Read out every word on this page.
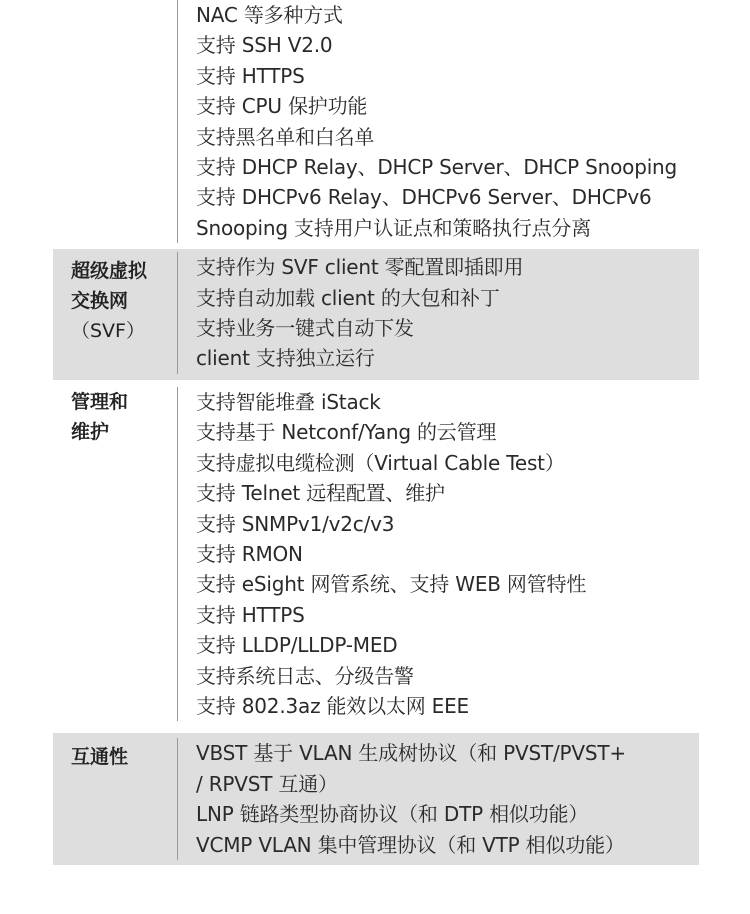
NAC 等多种方式
支持 SSH V2.0
支持 HTTPS
支持 CPU 保护功能
支持黑名单和白名单
支持 DHCP Relay、DHCP Server、DHCP Snooping
支持 DHCPv6 Relay、DHCPv6 Server、DHCPv6
Snooping 支持用户认证点和策略执行点分离
超级虚拟
交换网
（SVF）
支持作为 SVF client 零配置即插即用
支持自动加载 client 的大包和补丁
支持业务一键式自动下发
client 支持独立运行
管理和
维护
支持智能堆叠 iStack
支持基于 Netconf/Yang 的云管理
支持虚拟电缆检测（Virtual Cable Test）
支持 Telnet 远程配置、维护
支持 SNMPv1/v2c/v3
支持 RMON
支持 eSight 网管系统、支持 WEB 网管特性
支持 HTTPS
支持 LLDP/LLDP-MED
支持系统日志、分级告警
支持 802.3az 能效以太网 EEE
互通性	VBST 基于 VLAN 生成树协议（和 PVST/PVST+
/ RPVST 互通）
LNP 链路类型协商协议（和 DTP 相似功能）
VCMP VLAN 集中管理协议（和 VTP 相似功能）
